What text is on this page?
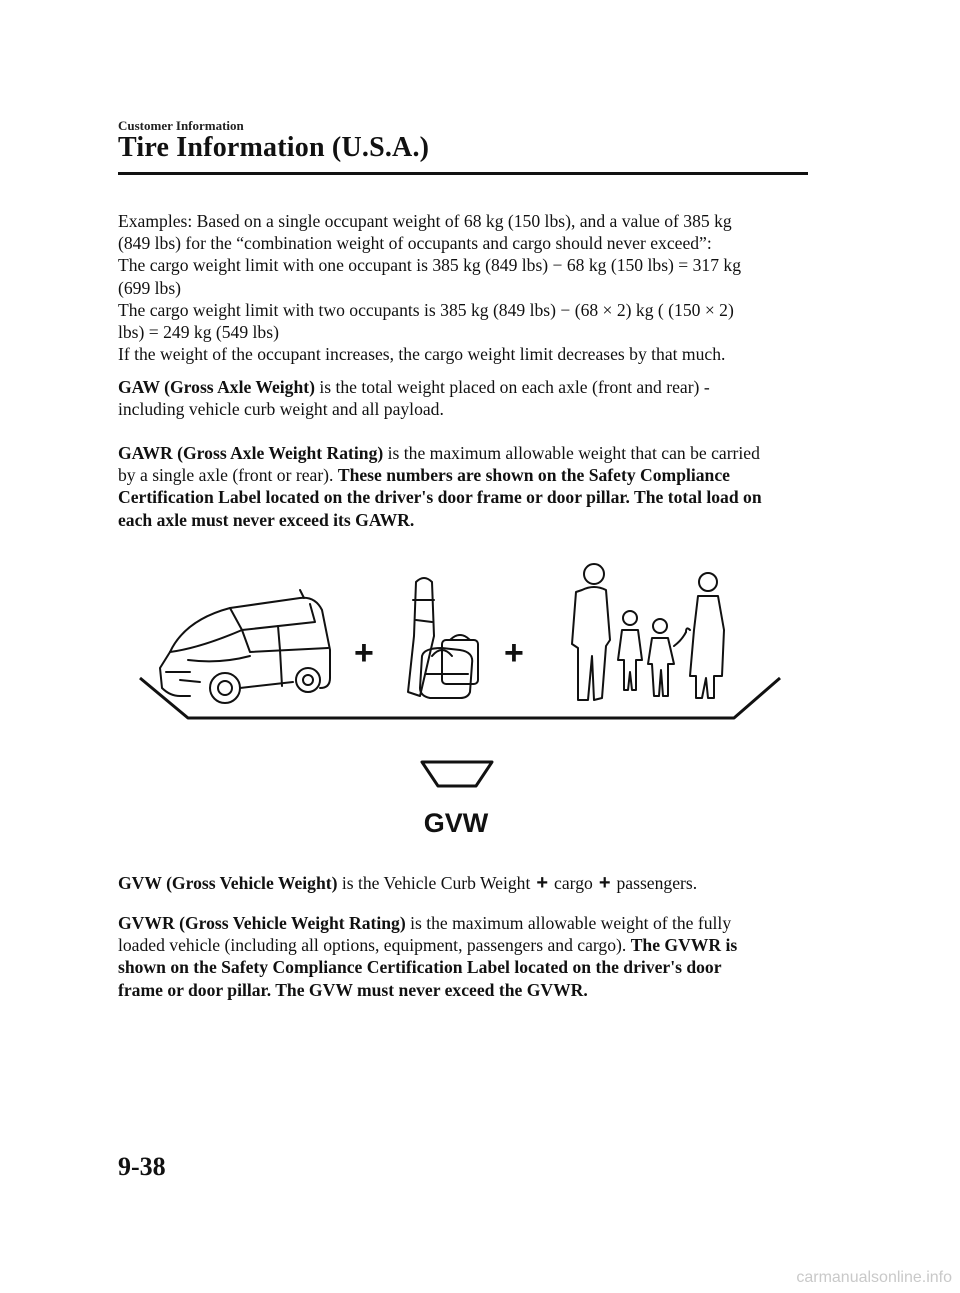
Customer Information
Tire Information (U.S.A.)

Examples: Based on a single occupant weight of 68 kg (150 lbs), and a value of 385 kg

(849 lbs) for the “combination weight of occupants and cargo should never exceed”:

The cargo weight limit with one occupant is 385 kg (849 lbs) − 68 kg (150 lbs) = 317 kg

(699 lbs)

The cargo weight limit with two occupants is 385 kg (849 lbs) − (68 × 2) kg ( (150 × 2)

lbs) = 249 kg (549 lbs)

If the weight of the occupant increases, the cargo weight limit decreases by that much.

GAW (Gross Axle Weight) is the total weight placed on each axle (front and rear) -

including vehicle curb weight and all payload.

GAWR (Gross Axle Weight Rating) is the maximum allowable weight that can be carried

by a single axle (front or rear). These numbers are shown on the Safety Compliance

Certification Label located on the driver's door frame or door pillar. The total load on

each axle must never exceed its GAWR.

+	+
GVW

GVW (Gross Vehicle Weight) is the Vehicle Curb Weight + cargo + passengers.

GVWR (Gross Vehicle Weight Rating) is the maximum allowable weight of the fully

loaded vehicle (including all options, equipment, passengers and cargo). The GVWR is

shown on the Safety Compliance Certification Label located on the driver's door

frame or door pillar. The GVW must never exceed the GVWR.

9-38
carmanualsonline.info
